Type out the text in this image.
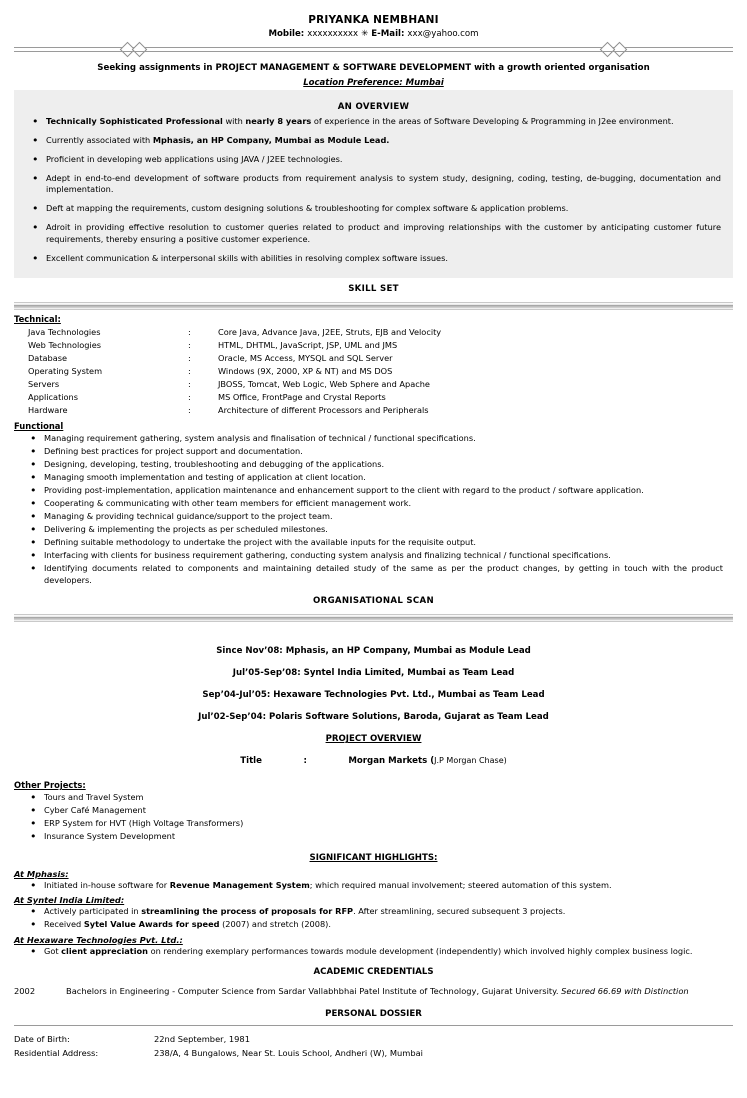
PRIYANKA NEMBHANI
Mobile: xxxxxxxxxx ✳ E-Mail: xxx@yahoo.com
Seeking assignments in PROJECT MANAGEMENT & SOFTWARE DEVELOPMENT with a growth oriented organisation
Location Preference: Mumbai
AN OVERVIEW
• Technically Sophisticated Professional with nearly 8 years of experience in the areas of Software Developing & Programming in J2ee environment.
• Currently associated with Mphasis, an HP Company, Mumbai as Module Lead.
• Proficient in developing web applications using JAVA / J2EE technologies.
• Adept in end-to-end development of software products from requirement analysis to system study, designing, coding, testing, de-bugging, documentation and implementation.
• Deft at mapping the requirements, custom designing solutions & troubleshooting for complex software & application problems.
• Adroit in providing effective resolution to customer queries related to product and improving relationships with the customer by anticipating customer future requirements, thereby ensuring a positive customer experience.
• Excellent communication & interpersonal skills with abilities in resolving complex software issues.
SKILL SET
Technical:
Java Technologies	:	Core Java, Advance Java, J2EE, Struts, EJB and Velocity
Web Technologies	:	HTML, DHTML, JavaScript, JSP, UML and JMS
Database	:	Oracle, MS Access, MYSQL and SQL Server
Operating System	:	Windows (9X, 2000, XP & NT) and MS DOS
Servers	:	JBOSS, Tomcat, Web Logic, Web Sphere and Apache
Applications	:	MS Office, FrontPage and Crystal Reports
Hardware	:	Architecture of different Processors and Peripherals
Functional
• Managing requirement gathering, system analysis and finalisation of technical / functional specifications.
• Defining best practices for project support and documentation.
• Designing, developing, testing, troubleshooting and debugging of the applications.
• Managing smooth implementation and testing of application at client location.
• Providing post-implementation, application maintenance and enhancement support to the client with regard to the product / software application.
• Cooperating & communicating with other team members for efficient management work.
• Managing & providing technical guidance/support to the project team.
• Delivering & implementing the projects as per scheduled milestones.
• Defining suitable methodology to undertake the project with the available inputs for the requisite output.
• Interfacing with clients for business requirement gathering, conducting system analysis and finalizing technical / functional specifications.
• Identifying documents related to components and maintaining detailed study of the same as per the product changes, by getting in touch with the product developers.
ORGANISATIONAL SCAN
Since Nov’08: Mphasis, an HP Company, Mumbai as Module Lead
Jul’05-Sep’08: Syntel India Limited, Mumbai as Team Lead
Sep’04-Jul’05: Hexaware Technologies Pvt. Ltd., Mumbai as Team Lead
Jul’02-Sep’04: Polaris Software Solutions, Baroda, Gujarat as Team Lead
PROJECT OVERVIEW
Title	:	Morgan Markets (J.P Morgan Chase)
Other Projects:
• Tours and Travel System
• Cyber Café Management
• ERP System for HVT (High Voltage Transformers)
• Insurance System Development
SIGNIFICANT HIGHLIGHTS:
At Mphasis:
• Initiated in-house software for Revenue Management System; which required manual involvement; steered automation of this system.
At Syntel India Limited:
• Actively participated in streamlining the process of proposals for RFP. After streamlining, secured subsequent 3 projects.
• Received Sytel Value Awards for speed (2007) and stretch (2008).
At Hexaware Technologies Pvt. Ltd.:
• Got client appreciation on rendering exemplary performances towards module development (independently) which involved highly complex business logic.
ACADEMIC CREDENTIALS
2002	Bachelors in Engineering - Computer Science from Sardar Vallabhbhai Patel Institute of Technology, Gujarat University. Secured 66.69 with Distinction
PERSONAL DOSSIER
Date of Birth:	22nd September, 1981
Residential Address:	238/A, 4 Bungalows, Near St. Louis School, Andheri (W), Mumbai
